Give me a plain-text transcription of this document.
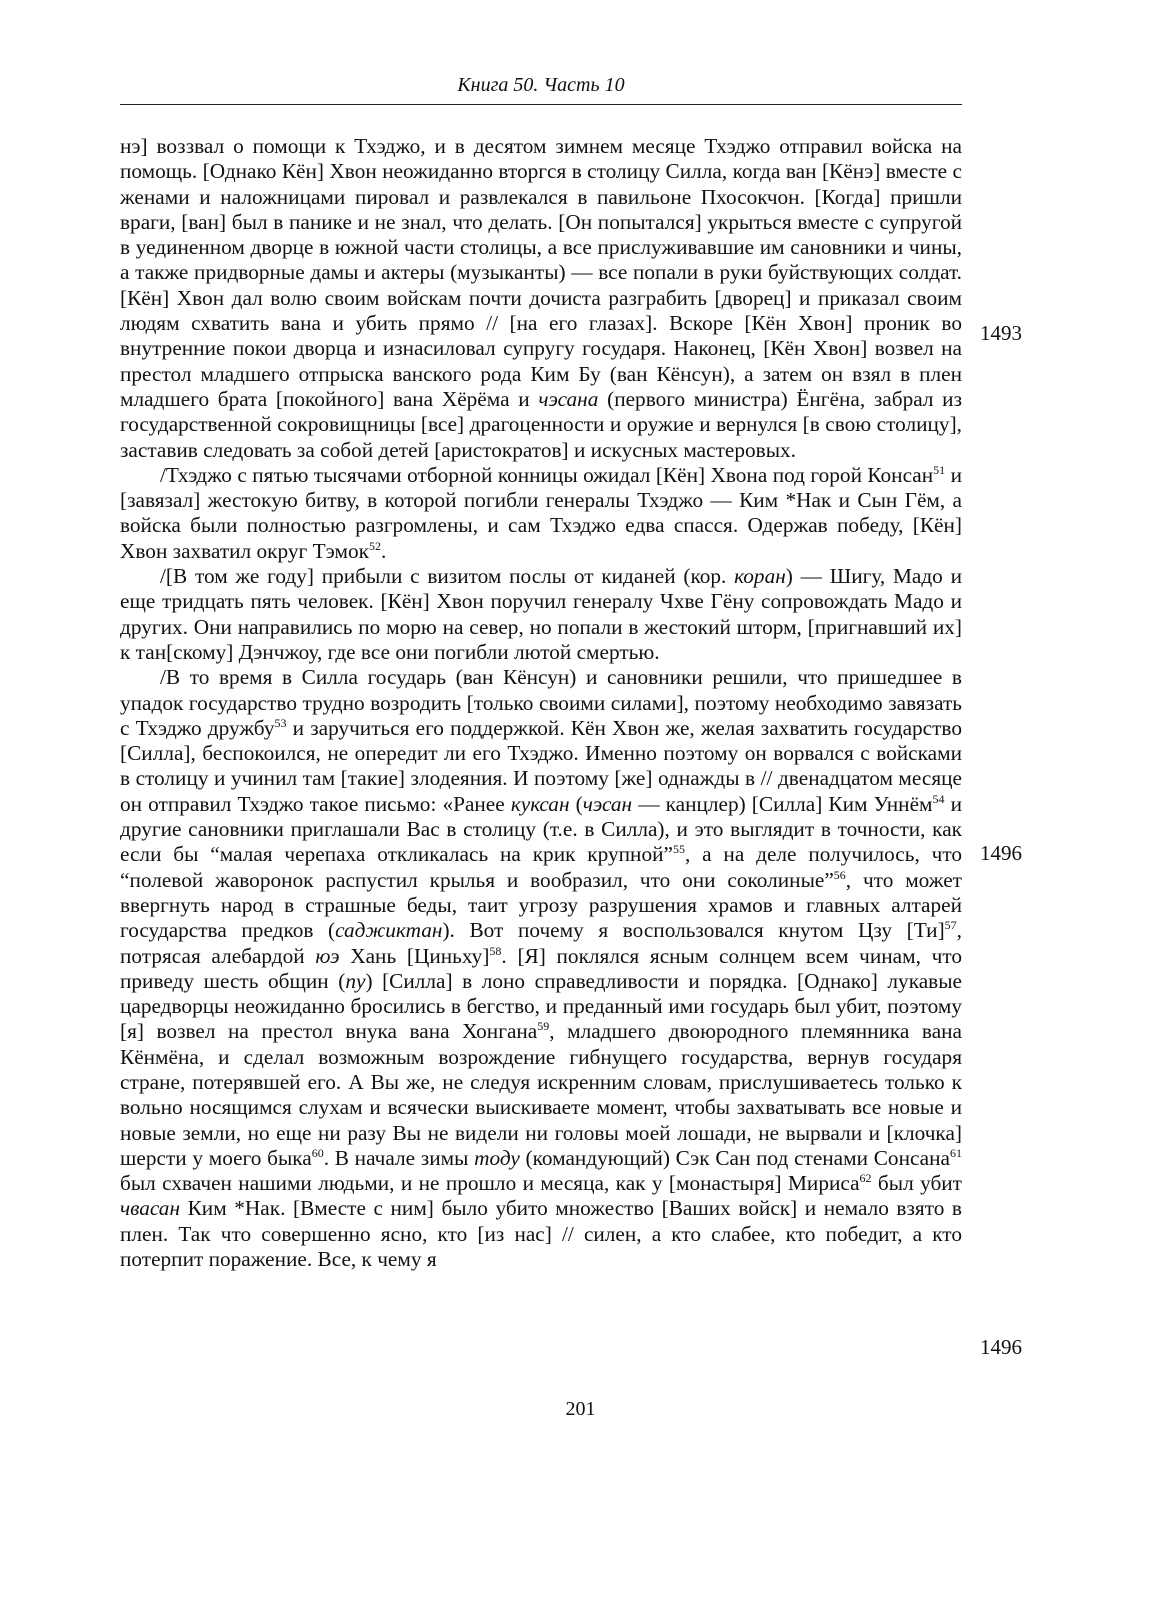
Книга 50. Часть 10

нэ] воззвал о помощи к Тхэджо, и в десятом зимнем месяце Тхэджо отправил войска на помощь. [Однако Кён] Хвон неожиданно вторгся в столицу Силла, когда ван [Кёнэ] вместе с женами и наложницами пировал и развлекался в павильоне Пхосокчон. [Когда] пришли враги, [ван] был в панике и не знал, что делать. [Он попытался] укрыться вместе с супругой в уединенном дворце в южной части столицы, а все прислуживавшие им сановники и чины, а также придворные дамы и актеры (музыканты) — все попали в руки буйствующих солдат. [Кён] Хвон дал волю своим войскам почти дочиста разграбить [дворец] и приказал своим людям схватить вана и убить прямо // [на его глазах]. Вскоре [Кён Хвон] проник во внутренние покои дворца и изнасиловал супругу государя. Наконец, [Кён Хвон] возвел на престол младшего отпрыска ванского рода Ким Бу (ван Кёнсун), а затем он взял в плен младшего брата [покойного] вана Хёрёма и чэсана (первого министра) Ёнгёна, забрал из государственной сокровищницы [все] драгоценности и оружие и вернулся [в свою столицу], заставив следовать за собой детей [аристократов] и искусных мастеровых.

/Тхэджо с пятью тысячами отборной конницы ожидал [Кён] Хвона под горой Консан$^{51}$ и [завязал] жестокую битву, в которой погибли генералы Тхэджо — Ким *Нак и Сын Гём, а войска были полностью разгромлены, и сам Тхэджо едва спасся. Одержав победу, [Кён] Хвон захватил округ Тэмок$^{52}$.

/[В том же году] прибыли с визитом послы от киданей (кор. коран) — Шигу, Мадо и еще тридцать пять человек. [Кён] Хвон поручил генералу Чхве Гёну сопровождать Мадо и других. Они направились по морю на север, но попали в жестокий шторм, [пригнавший их] к тан[скому] Дэнчжоу, где все они погибли лютой смертью.

/В то время в Силла государь (ван Кёнсун) и сановники решили, что пришедшее в упадок государство трудно возродить [только своими силами], поэтому необходимо завязать с Тхэджо дружбу$^{53}$ и заручиться его поддержкой. Кён Хвон же, желая захватить государство [Силла], беспокоился, не опередит ли его Тхэджо. Именно поэтому он ворвался с войсками в столицу и учинил там [такие] злодеяния. И поэтому [же] однажды в // двенадцатом месяце он отправил Тхэджо такое письмо: «Ранее куксан (чэсан — канцлер) [Силла] Ким Уннём$^{54}$ и другие сановники приглашали Вас в столицу (т.е. в Силла), и это выглядит в точности, как если бы “малая черепаха откликалась на крик крупной”$^{55}$, а на деле получилось, что “полевой жаворонок распустил крылья и вообразил, что они соколиные”$^{56}$, что может ввергнуть народ в страшные беды, таит угрозу разрушения храмов и главных алтарей государства предков (саджиктан). Вот почему я воспользовался кнутом Цзу [Ти]$^{57}$, потрясая алебардой юэ Хань [Циньху]$^{58}$. [Я] поклялся ясным солнцем всем чинам, что приведу шесть общин (пу) [Силла] в лоно справедливости и порядка. [Однако] лукавые царедворцы неожиданно бросились в бегство, и преданный ими государь был убит, поэтому [я] возвел на престол внука вана Хонгана$^{59}$, младшего двоюродного племянника вана Кёнмёна, и сделал возможным возрождение гибнущего государства, вернув государя стране, потерявшей его. А Вы же, не следуя искренним словам, прислушиваетесь только к вольно носящимся слухам и всячески выискиваете момент, чтобы захватывать все новые и новые земли, но еще ни разу Вы не видели ни головы моей лошади, не вырвали и [клочка] шерсти у моего быка$^{60}$. В начале зимы тоду (командующий) Сэк Сан под стенами Сонсана$^{61}$ был схвачен нашими людьми, и не прошло и месяца, как у [монастыря] Мириса$^{62}$ был убит чвасан Ким *Нак. [Вместе с ним] было убито множество [Ваших войск] и немало взято в плен. Так что совершенно ясно, кто [из нас] // силен, а кто слабее, кто победит, а кто потерпит поражение. Все, к чему я

1493
1496
1496
201
